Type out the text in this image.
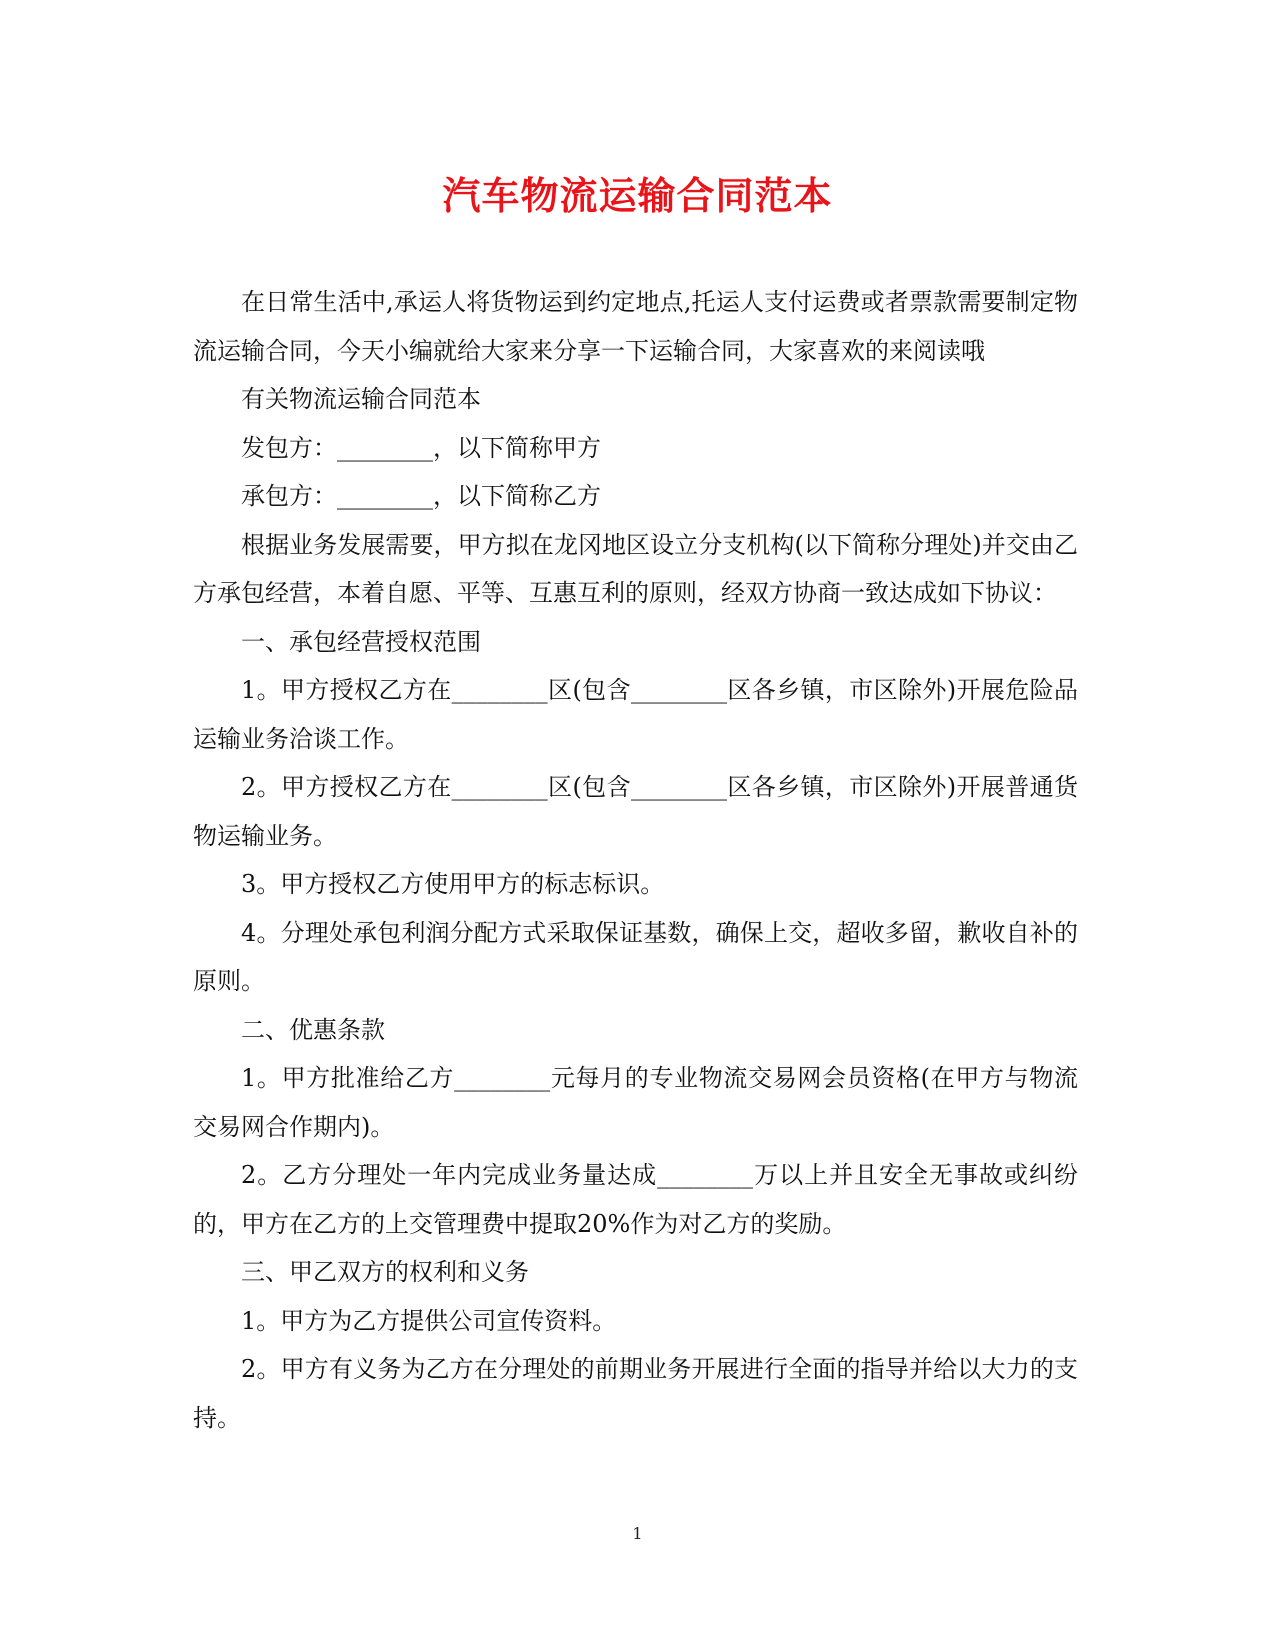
汽车物流运输合同范本

在日常生活中,承运人将货物运到约定地点,托运人支付运费或者票款需要制定物流运输合同，今天小编就给大家来分享一下运输合同，大家喜欢的来阅读哦

有关物流运输合同范本

发包方：________，以下简称甲方

承包方：________，以下简称乙方

根据业务发展需要，甲方拟在龙冈地区设立分支机构(以下简称分理处)并交由乙方承包经营，本着自愿、平等、互惠互利的原则，经双方协商一致达成如下协议：

一、承包经营授权范围

1。甲方授权乙方在________区(包含________区各乡镇，市区除外)开展危险品运输业务洽谈工作。

2。甲方授权乙方在________区(包含________区各乡镇，市区除外)开展普通货物运输业务。

3。甲方授权乙方使用甲方的标志标识。

4。分理处承包利润分配方式采取保证基数，确保上交，超收多留，歉收自补的原则。

二、优惠条款

1。甲方批准给乙方________元每月的专业物流交易网会员资格(在甲方与物流交易网合作期内)。

2。乙方分理处一年内完成业务量达成________万以上并且安全无事故或纠纷的，甲方在乙方的上交管理费中提取20%作为对乙方的奖励。

三、甲乙双方的权利和义务

1。甲方为乙方提供公司宣传资料。

2。甲方有义务为乙方在分理处的前期业务开展进行全面的指导并给以大力的支持。

1
